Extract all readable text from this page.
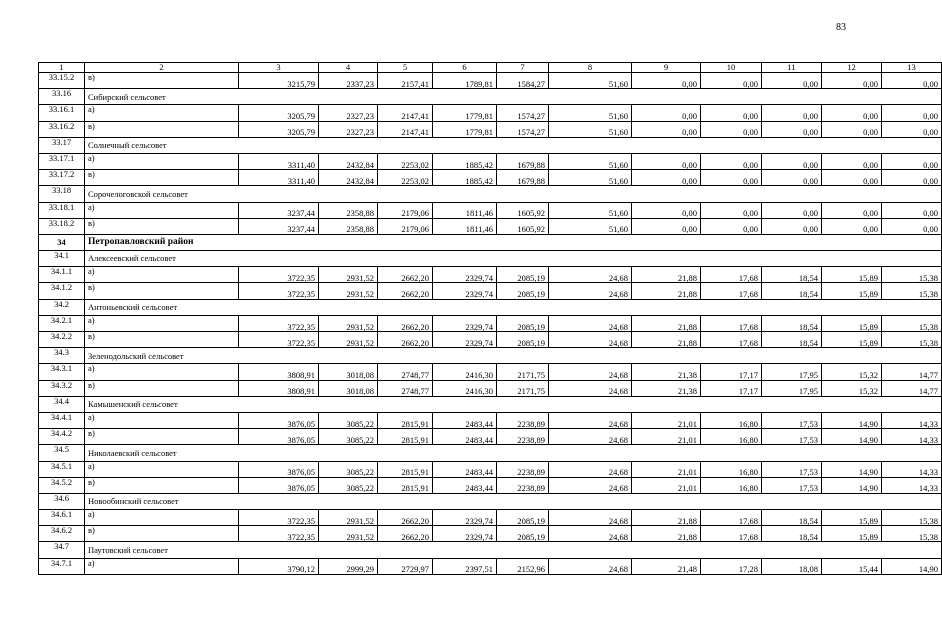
83
1	2	3	4	5	6	7	8	9	10	11	12	13
33.15.2	в)	3215,79	2337,23	2157,41	1789,81	1584,27	51,60	0,00	0,00	0,00	0,00	0,00
33.16	Сибирский сельсовет											
33.16.1	а)	3205,79	2327,23	2147,41	1779,81	1574,27	51,60	0,00	0,00	0,00	0,00	0,00
33.16.2	в)	3205,79	2327,23	2147,41	1779,81	1574,27	51,60	0,00	0,00	0,00	0,00	0,00
33.17	Солнечный сельсовет											
33.17.1	а)	3311,40	2432,84	2253,02	1885,42	1679,88	51,60	0,00	0,00	0,00	0,00	0,00
33.17.2	в)	3311,40	2432,84	2253,02	1885,42	1679,88	51,60	0,00	0,00	0,00	0,00	0,00
33.18	Сорочелоговской сельсовет											
33.18.1	а)	3237,44	2358,88	2179,06	1811,46	1605,92	51,60	0,00	0,00	0,00	0,00	0,00
33.18.2	в)	3237,44	2358,88	2179,06	1811,46	1605,92	51,60	0,00	0,00	0,00	0,00	0,00
34	Петропавловский район											
34.1	Алексеевский сельсовет											
34.1.1	а)	3722,35	2931,52	2662,20	2329,74	2085,19	24,68	21,88	17,68	18,54	15,89	15,38
34.1.2	в)	3722,35	2931,52	2662,20	2329,74	2085,19	24,68	21,88	17,68	18,54	15,89	15,38
34.2	Антоньевский сельсовет											
34.2.1	а)	3722,35	2931,52	2662,20	2329,74	2085,19	24,68	21,88	17,68	18,54	15,89	15,38
34.2.2	в)	3722,35	2931,52	2662,20	2329,74	2085,19	24,68	21,88	17,68	18,54	15,89	15,38
34.3	Зеленодольский сельсовет											
34.3.1	а)	3808,91	3018,08	2748,77	2416,30	2171,75	24,68	21,38	17,17	17,95	15,32	14,77
34.3.2	в)	3808,91	3018,08	2748,77	2416,30	2171,75	24,68	21,38	17,17	17,95	15,32	14,77
34.4	Камышенский сельсовет											
34.4.1	а)	3876,05	3085,22	2815,91	2483,44	2238,89	24,68	21,01	16,80	17,53	14,90	14,33
34.4.2	в)	3876,05	3085,22	2815,91	2483,44	2238,89	24,68	21,01	16,80	17,53	14,90	14,33
34.5	Николаевский сельсовет											
34.5.1	а)	3876,05	3085,22	2815,91	2483,44	2238,89	24,68	21,01	16,80	17,53	14,90	14,33
34.5.2	в)	3876,05	3085,22	2815,91	2483,44	2238,89	24,68	21,01	16,80	17,53	14,90	14,33
34.6	Новообинский сельсовет											
34.6.1	а)	3722,35	2931,52	2662,20	2329,74	2085,19	24,68	21,88	17,68	18,54	15,89	15,38
34.6.2	в)	3722,35	2931,52	2662,20	2329,74	2085,19	24,68	21,88	17,68	18,54	15,89	15,38
34.7	Паутовский сельсовет											
34.7.1	а)	3790,12	2999,29	2729,97	2397,51	2152,96	24,68	21,48	17,28	18,08	15,44	14,90
